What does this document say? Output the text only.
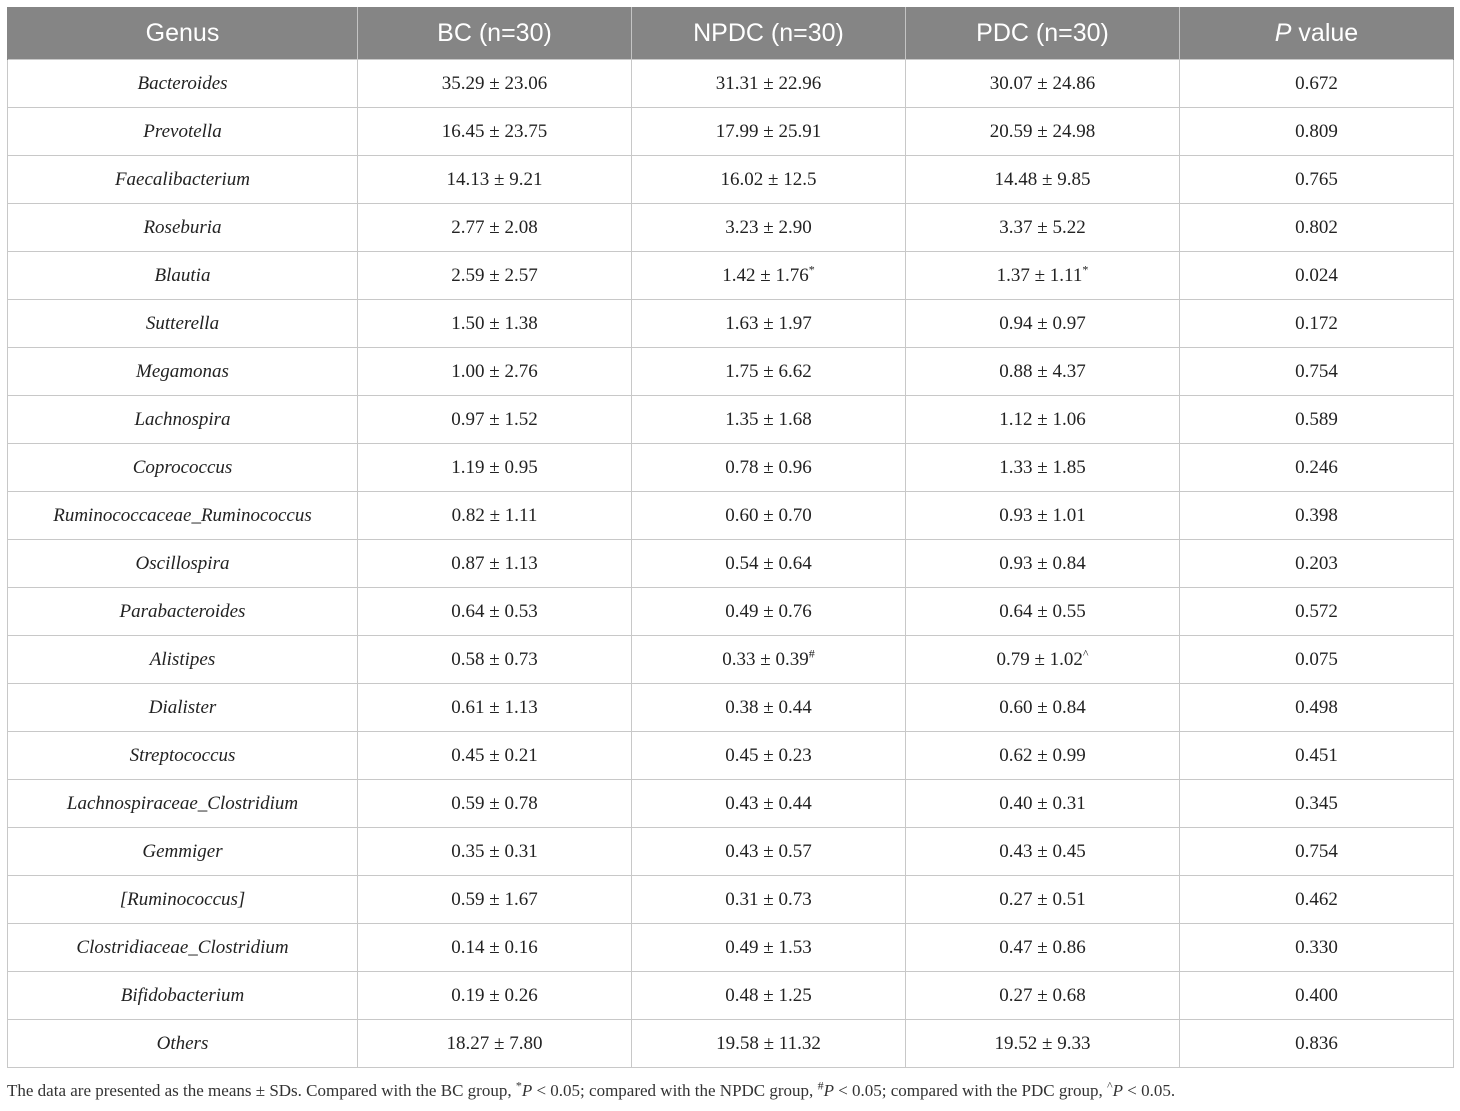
Genus	BC (n=30)	NPDC (n=30)	PDC (n=30)	P value
Bacteroides	35.29 ± 23.06	31.31 ± 22.96	30.07 ± 24.86	0.672
Prevotella	16.45 ± 23.75	17.99 ± 25.91	20.59 ± 24.98	0.809
Faecalibacterium	14.13 ± 9.21	16.02 ± 12.5	14.48 ± 9.85	0.765
Roseburia	2.77 ± 2.08	3.23 ± 2.90	3.37 ± 5.22	0.802
Blautia	2.59 ± 2.57	1.42 ± 1.76*	1.37 ± 1.11*	0.024
Sutterella	1.50 ± 1.38	1.63 ± 1.97	0.94 ± 0.97	0.172
Megamonas	1.00 ± 2.76	1.75 ± 6.62	0.88 ± 4.37	0.754
Lachnospira	0.97 ± 1.52	1.35 ± 1.68	1.12 ± 1.06	0.589
Coprococcus	1.19 ± 0.95	0.78 ± 0.96	1.33 ± 1.85	0.246
Ruminococcaceae_Ruminococcus	0.82 ± 1.11	0.60 ± 0.70	0.93 ± 1.01	0.398
Oscillospira	0.87 ± 1.13	0.54 ± 0.64	0.93 ± 0.84	0.203
Parabacteroides	0.64 ± 0.53	0.49 ± 0.76	0.64 ± 0.55	0.572
Alistipes	0.58 ± 0.73	0.33 ± 0.39#	0.79 ± 1.02^	0.075
Dialister	0.61 ± 1.13	0.38 ± 0.44	0.60 ± 0.84	0.498
Streptococcus	0.45 ± 0.21	0.45 ± 0.23	0.62 ± 0.99	0.451
Lachnospiraceae_Clostridium	0.59 ± 0.78	0.43 ± 0.44	0.40 ± 0.31	0.345
Gemmiger	0.35 ± 0.31	0.43 ± 0.57	0.43 ± 0.45	0.754
[Ruminococcus]	0.59 ± 1.67	0.31 ± 0.73	0.27 ± 0.51	0.462
Clostridiaceae_Clostridium	0.14 ± 0.16	0.49 ± 1.53	0.47 ± 0.86	0.330
Bifidobacterium	0.19 ± 0.26	0.48 ± 1.25	0.27 ± 0.68	0.400
Others	18.27 ± 7.80	19.58 ± 11.32	19.52 ± 9.33	0.836

The data are presented as the means ± SDs. Compared with the BC group, *P < 0.05; compared with the NPDC group, #P < 0.05; compared with the PDC group, ^P < 0.05.
